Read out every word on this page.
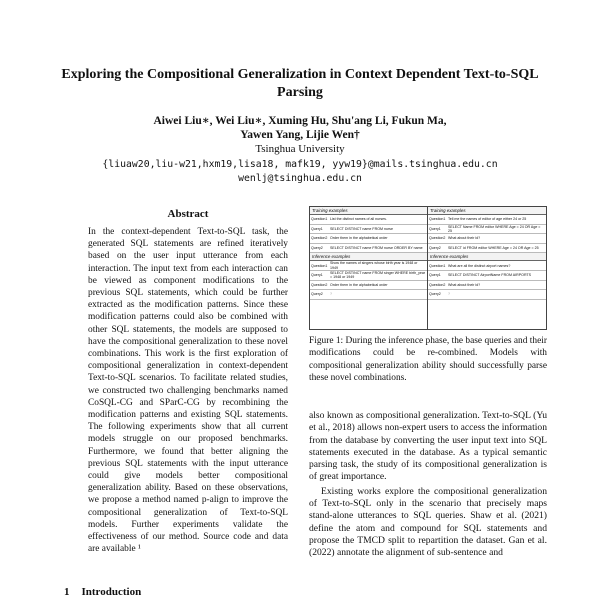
Exploring the Compositional Generalization in Context Dependent Text-to-SQL Parsing
Aiwei Liu∗, Wei Liu∗, Xuming Hu, Shu'ang Li, Fukun Ma,
Yawen Yang, Lijie Wen†
Tsinghua University
{liuaw20,liu-w21,hxm19,lisa18, mafk19, yyw19}@mails.tsinghua.edu.cn
wenlj@tsinghua.edu.cn
Abstract
In the context-dependent Text-to-SQL task, the generated SQL statements are refined iteratively based on the user input utterance from each interaction. The input text from each interaction can be viewed as component modifications to the previous SQL statements, which could be further extracted as the modification patterns. Since these modification patterns could also be combined with other SQL statements, the models are supposed to have the compositional generalization to these novel combinations. This work is the first exploration of compositional generalization in context-dependent Text-to-SQL scenarios. To facilitate related studies, we constructed two challenging benchmarks named CoSQL-CG and SParC-CG by recombining the modification patterns and existing SQL statements. The following experiments show that all current models struggle on our proposed benchmarks. Furthermore, we found that better aligning the previous SQL statements with the input utterance could give models better compositional generalization ability. Based on these observations, we propose a method named p-align to improve the compositional generalization of Text-to-SQL models. Further experiments validate the effectiveness of our method. Source code and data are available ¹
1 Introduction
Training examples
Question1 List the distinct names of all nurses.
Query1	SELECT DISTINCT name FROM nurse
Question2 Order them in the alphabetical order
Query2	SELECT DISTINCT name FROM nurse ORDER BY name
Inference examples
Question1
Show the names of singers whose birth year is 1948 or 1949
Query1
SELECT DISTINCT name FROM singer WHERE birth_year = 1948 or 1949
Question2 Order them in the alphabetical order
Query2	?
Training examples
Question1 Tell me the names of editor of age either 24 or 25
Query1
SELECT Name FROM editor WHERE Age = 24 OR Age = 25
Question2 What about their id?
Query2	SELECT id FROM editor WHERE Age = 24 OR Age = 25
Inference examples
Question1 What are all the distinct airport names?
Query1	SELECT DISTINCT AirportName FROM AIRPORTS
Question2 What about their id?
Query2	?
Figure 1: During the inference phase, the base queries and their modifications could be re-combined. Models with compositional generalization ability should successfully parse these novel combinations.

also known as compositional generalization. Text-to-SQL (Yu et al., 2018) allows non-expert users to access the information from the database by converting the user input text into SQL statements executed in the database. As a typical semantic parsing task, the study of its compositional generalization is of great importance.

Existing works explore the compositional generalization of Text-to-SQL only in the scenario that precisely maps stand-alone utterances to SQL queries. Shaw et al. (2021) define the atom and compound for SQL statements and propose the TMCD split to repartition the dataset. Gan et al. (2022) annotate the alignment of sub-sentence and
